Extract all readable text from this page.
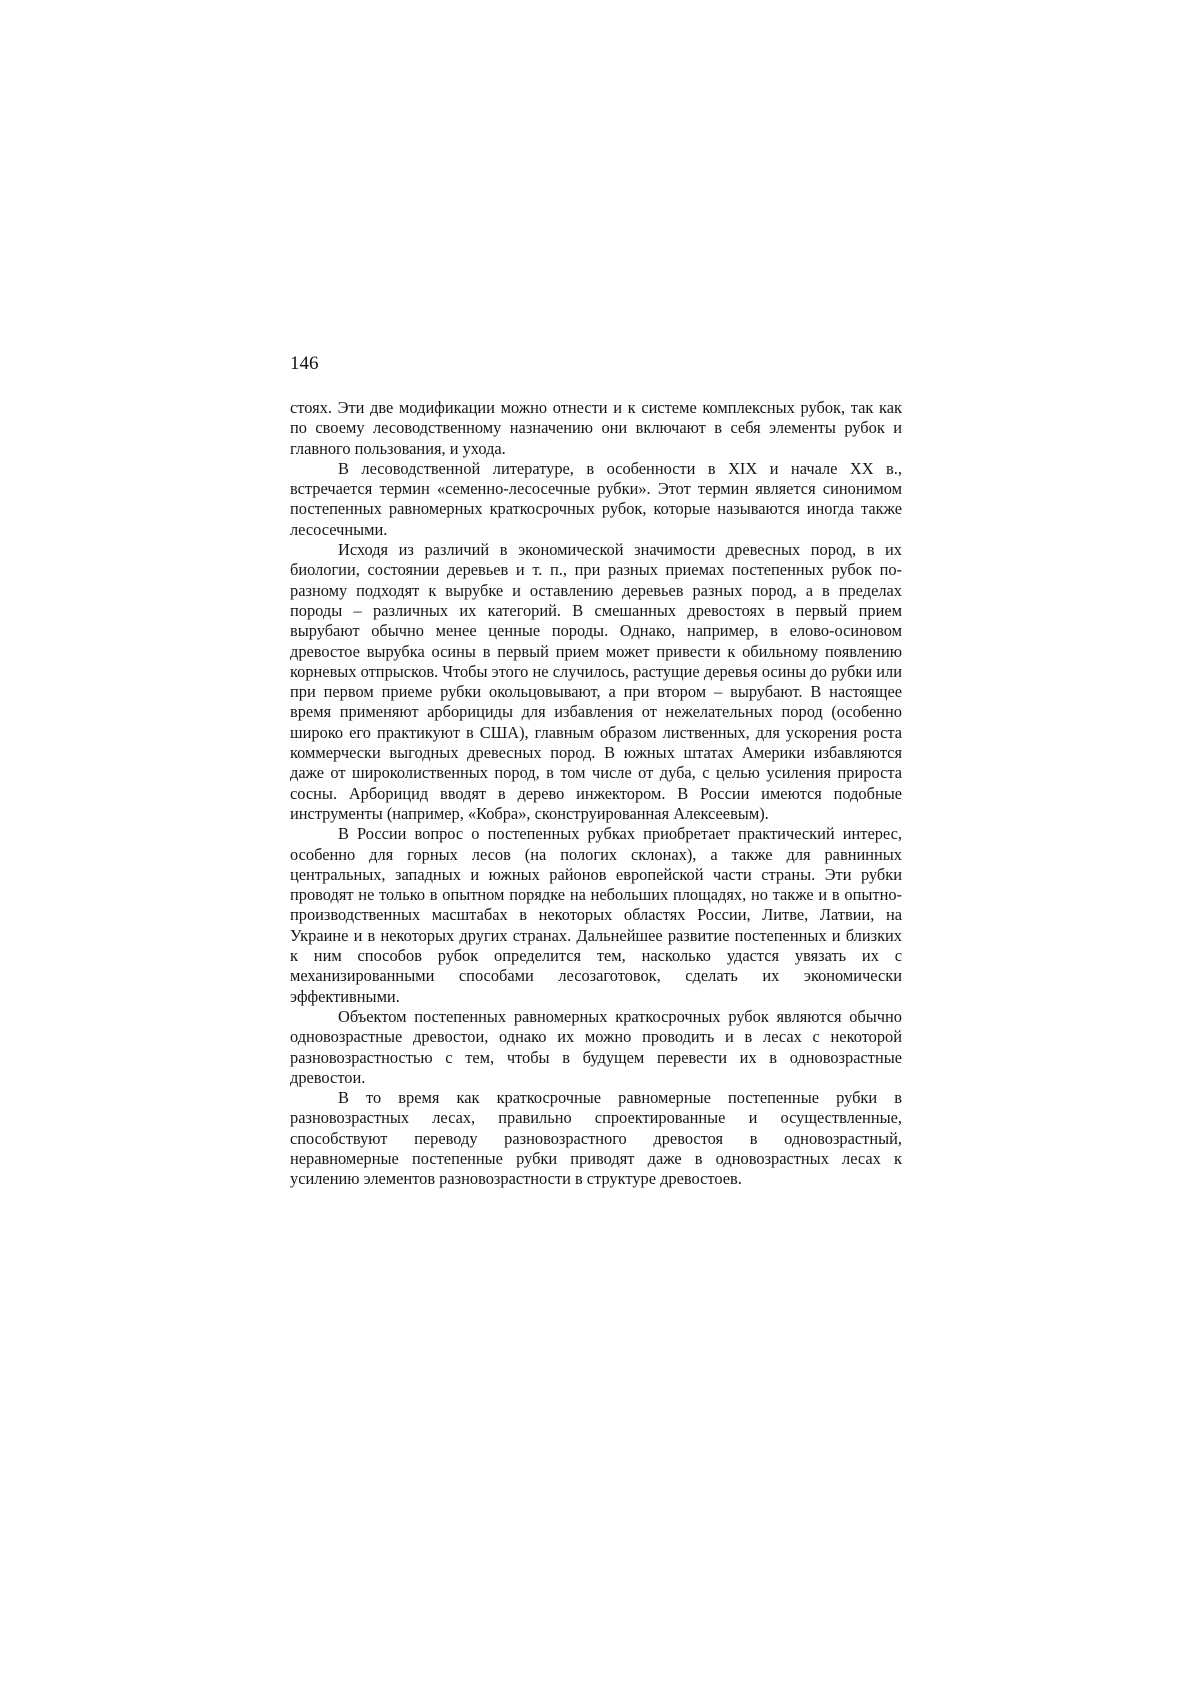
146

стоях. Эти две модификации можно отнести и к системе комплексных рубок, так как по своему лесоводственному назначению они включают в себя элементы рубок и главного пользования, и ухода.

В лесоводственной литературе, в особенности в XIX и начале XX в., встречается термин «семенно-лесосечные рубки». Этот термин является синонимом постепенных равномерных краткосрочных рубок, которые называются иногда также лесосечными.

Исходя из различий в экономической значимости древесных пород, в их биологии, состоянии деревьев и т. п., при разных приемах постепенных рубок по-разному подходят к вырубке и оставлению деревьев разных пород, а в пределах породы – различных их категорий. В смешанных древостоях в первый прием вырубают обычно менее ценные породы. Однако, например, в елово-осиновом древостое вырубка осины в первый прием может привести к обильному появлению корневых отпрысков. Чтобы этого не случилось, растущие деревья осины до рубки или при первом приеме рубки окольцовывают, а при втором – вырубают. В настоящее время применяют арборициды для избавления от нежелательных пород (особенно широко его практикуют в США), главным образом лиственных, для ускорения роста коммерчески выгодных древесных пород. В южных штатах Америки избавляются даже от широколиственных пород, в том числе от дуба, с целью усиления прироста сосны. Арборицид вводят в дерево инжектором. В России имеются подобные инструменты (например, «Кобра», сконструированная Алексеевым).

В России вопрос о постепенных рубках приобретает практический интерес, особенно для горных лесов (на пологих склонах), а также для равнинных центральных, западных и южных районов европейской части страны. Эти рубки проводят не только в опытном порядке на небольших площадях, но также и в опытно-производственных масштабах в некоторых областях России, Литве, Латвии, на Украине и в некоторых других странах. Дальнейшее развитие постепенных и близких к ним способов рубок определится тем, насколько удастся увязать их с механизированными способами лесозаготовок, сделать их экономически эффективными.

Объектом постепенных равномерных краткосрочных рубок являются обычно одновозрастные древостои, однако их можно проводить и в лесах с некоторой разновозрастностью с тем, чтобы в будущем перевести их в одновозрастные древостои.

В то время как краткосрочные равномерные постепенные рубки в разновозрастных лесах, правильно спроектированные и осуществленные, способствуют переводу разновозрастного древостоя в одновозрастный, неравномерные постепенные рубки приводят даже в одновозрастных лесах к усилению элементов разновозрастности в структуре древостоев.
